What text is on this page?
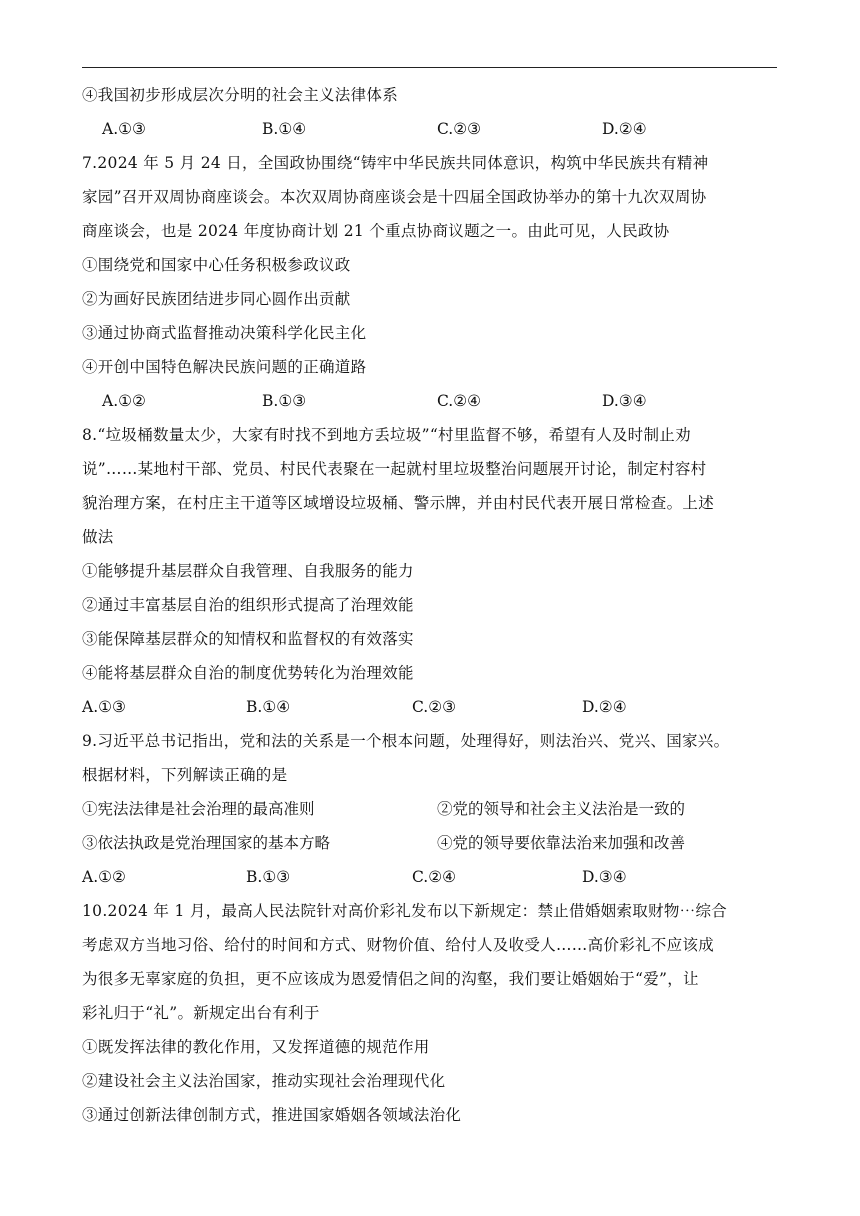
④我国初步形成层次分明的社会主义法律体系
A.①③	B.①④	C.②③	D.②④
7.2024 年 5 月 24 日，全国政协围绕“铸牢中华民族共同体意识，构筑中华民族共有精神
家园”召开双周协商座谈会。本次双周协商座谈会是十四届全国政协举办的第十九次双周协
商座谈会，也是 2024 年度协商计划 21 个重点协商议题之一。由此可见，人民政协
①围绕党和国家中心任务积极参政议政
②为画好民族团结进步同心圆作出贡献
③通过协商式监督推动决策科学化民主化
④开创中国特色解决民族问题的正确道路
A.①②	B.①③	C.②④	D.③④
8.“垃圾桶数量太少，大家有时找不到地方丢垃圾”“村里监督不够，希望有人及时制止劝
说”……某地村干部、党员、村民代表聚在一起就村里垃圾整治问题展开讨论，制定村容村
貌治理方案，在村庄主干道等区域增设垃圾桶、警示牌，并由村民代表开展日常检查。上述
做法
①能够提升基层群众自我管理、自我服务的能力
②通过丰富基层自治的组织形式提高了治理效能
③能保障基层群众的知情权和监督权的有效落实
④能将基层群众自治的制度优势转化为治理效能
A.①③	B.①④	C.②③	D.②④
9.习近平总书记指出，党和法的关系是一个根本问题，处理得好，则法治兴、党兴、国家兴。
根据材料，下列解读正确的是
①宪法法律是社会治理的最高准则	②党的领导和社会主义法治是一致的
③依法执政是党治理国家的基本方略	④党的领导要依靠法治来加强和改善
A.①②	B.①③	C.②④	D.③④
10.2024 年 1 月，最高人民法院针对高价彩礼发布以下新规定：禁止借婚姻索取财物⋯综合
考虑双方当地习俗、给付的时间和方式、财物价值、给付人及收受人……高价彩礼不应该成
为很多无辜家庭的负担，更不应该成为恩爱情侣之间的沟壑，我们要让婚姻始于“爱”，让
彩礼归于“礼”。新规定出台有利于
①既发挥法律的教化作用，又发挥道德的规范作用
②建设社会主义法治国家，推动实现社会治理现代化
③通过创新法律创制方式，推进国家婚姻各领域法治化
